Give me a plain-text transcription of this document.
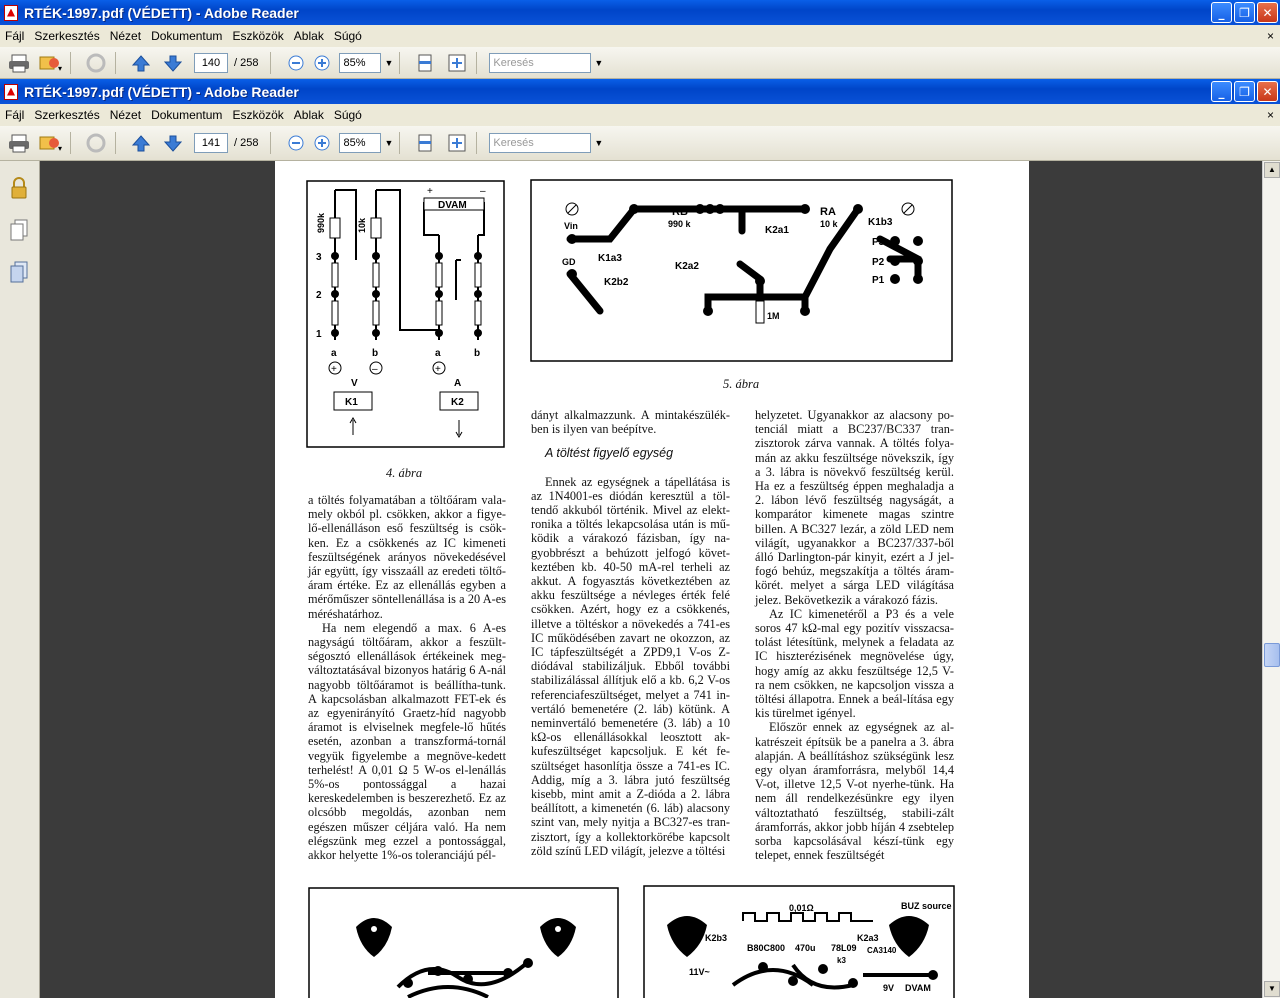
RTÉK-1997.pdf (VÉDETT) - Adobe Reader	_	❐	✕
Fájl Szerkesztés Nézet Dokumentum Eszközök Ablak Súgó	×
▾	140	/ 258	85%	▼	Keresés	▼
RTÉK-1997.pdf (VÉDETT) - Adobe Reader	_	❐	✕
Fájl Szerkesztés Nézet Dokumentum Eszközök Ablak Súgó	×
▾	141	/ 258	85%	▼	Keresés	▼
990k	10k
DVAM
+	–
3
2
1
a	b	a	b
+	–	+
V	A
K1	K2
4. ábra
Vin
GD
RB
990 k
RA
10 k	K1b3
K2a1
K1a3
K2a2
K2b2
P3
P2
P1
1M
5. ábra

a töltés folyamatában a töltőáram vala-mely okból pl. csökken, akkor a figye-lő-ellenálláson eső feszültség is csök-ken. Ez a csökkenés az IC kimeneti feszültségének arányos növekedésével jár együtt, így visszaáll az eredeti töltő-áram értéke. Ez az ellenállás egyben a mérőműszer söntellenállása is a 20 A-es méréshatárhoz.

Ha nem elegendő a max. 6 A-es nagyságú töltőáram, akkor a feszült-ségosztó ellenállások értékeinek meg-változtatásával bizonyos határig 6 A-nál nagyobb töltőáramot is beállítha-tunk. A kapcsolásban alkalmazott FET-ek és az egyenirányító Graetz-híd nagyobb áramot is elviselnek megfele-lő hűtés esetén, azonban a transzformá-tornál vegyük figyelembe a megnöve-kedett terhelést! A 0,01 Ω 5 W-os el-lenállás 5%-os pontossággal a hazai kereskedelemben is beszerezhető. Ez az olcsóbb megoldás, azonban nem egészen műszer céljára való. Ha nem elégszünk meg ezzel a pontossággal, akkor helyette 1%-os toleranciájú pél-

dányt alkalmazzunk. A mintakészülék-ben is ilyen van beépítve.

A töltést figyelő egység

Ennek az egységnek a tápellátása is az 1N4001-es diódán keresztül a töl-tendő akkuból történik. Mivel az elekt-ronika a töltés lekapcsolása után is mű-ködik a várakozó fázisban, így na-gyobbrészt a behúzott jelfogó követ-keztében kb. 40-50 mA-rel terheli az akkut. A fogyasztás következtében az akku feszültsége a névleges érték felé csökken. Azért, hogy ez a csökkenés, illetve a töltéskor a növekedés a 741-es IC működésében zavart ne okozzon, az IC tápfeszültségét a ZPD9,1 V-os Z-diódával stabilizáljuk. Ebből további stabilizálással állítjuk elő a kb. 6,2 V-os referenciafeszültséget, melyet a 741 in-vertáló bemenetére (2. láb) kötünk. A neminvertáló bemenetére (3. láb) a 10 kΩ-os ellenállásokkal leosztott ak-kufeszültséget kapcsoljuk. E két fe-szültséget hasonlítja össze a 741-es IC. Addig, míg a 3. lábra jutó feszültség kisebb, mint amit a Z-dióda a 2. lábra beállított, a kimenetén (6. láb) alacsony szint van, mely nyitja a BC327-es tran-zisztort, így a kollektorkörébe kapcsolt zöld színű LED világít, jelezve a töltési

helyzetet. Ugyanakkor az alacsony po-tenciál miatt a BC237/BC337 tran-zisztorok zárva vannak. A töltés folya-mán az akku feszültsége növekszik, így a 3. lábra is növekvő feszültség kerül. Ha ez a feszültség éppen meghaladja a 2. lábon lévő feszültség nagyságát, a komparátor kimenete magas szintre billen. A BC327 lezár, a zöld LED nem világít, ugyanakkor a BC237/337-ből álló Darlington-pár kinyit, ezért a J jel-fogó behúz, megszakítja a töltés áram-körét. melyet a sárga LED világítása jelez. Bekövetkezik a várakozó fázis.

Az IC kimenetéről a P3 és a vele soros 47 kΩ-mal egy pozitív visszacsa-tolást létesítünk, melynek a feladata az IC hiszterézisének megnövelése úgy, hogy amíg az akku feszültsége 12,5 V-ra nem csökken, ne kapcsoljon vissza a töltési állapotra. Ennek a beál-lítása egy kis türelmet igényel.

Először ennek az egységnek az al-katrészeit építsük be a panelra a 3. ábra alapján. A beállításhoz szükségünk lesz egy olyan áramforrásra, melyből 14,4 V-ot, illetve 12,5 V-ot nyerhe-tünk. Ha nem áll rendelkezésünkre egy ilyen változtatható feszültség, stabili-zált áramforrás, akkor jobb híján 4 zsebtelep sorba kapcsolásával készí-tünk egy telepet, ennek feszültségét

0,01Ω	BUZ source
K2b3
B80C800 470u 78L09
K2a3
CA3140
11V~
k3
9V DVAM
▲
▼
